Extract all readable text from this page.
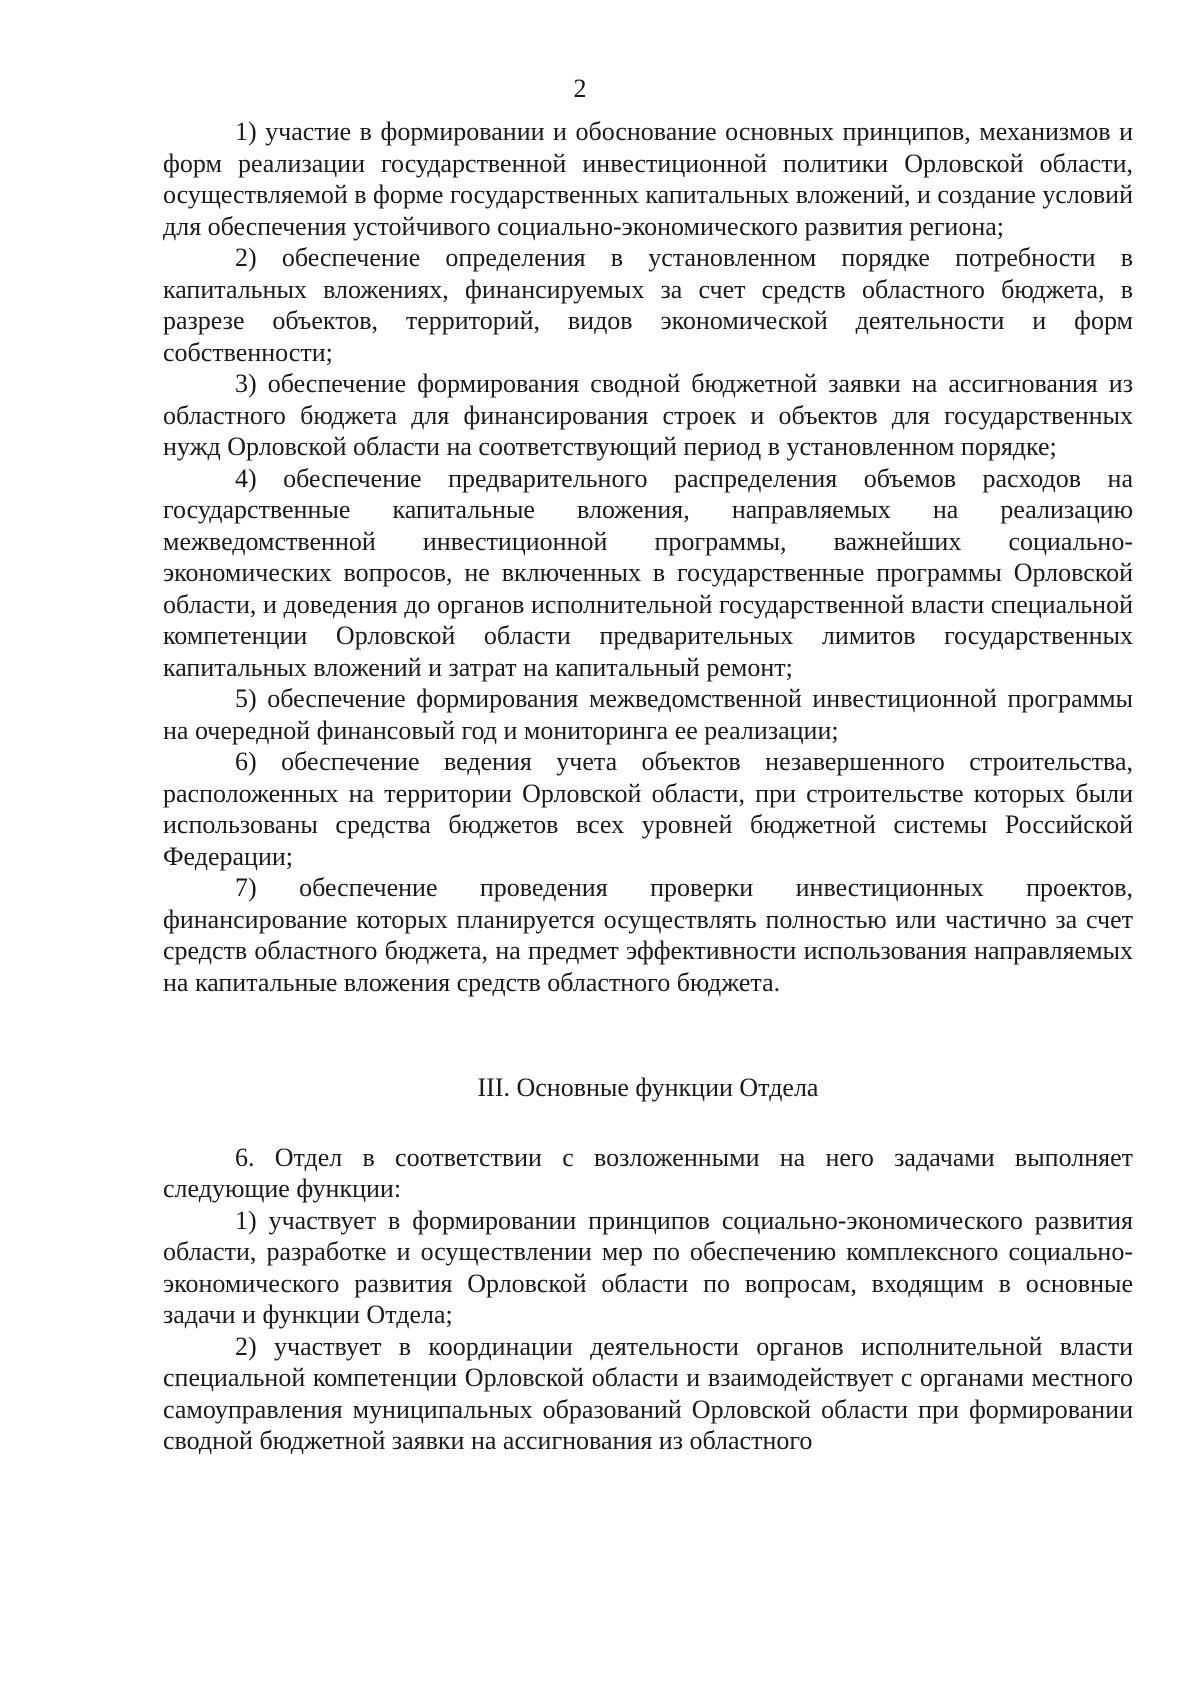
2

1) участие в формировании и обоснование основных принципов, механизмов и форм реализации государственной инвестиционной политики Орловской области, осуществляемой в форме государственных капитальных вложений, и создание условий для обеспечения устойчивого социально-экономического развития региона;

2) обеспечение определения в установленном порядке потребности в капитальных вложениях, финансируемых за счет средств областного бюджета, в разрезе объектов, территорий, видов экономической деятельности и форм собственности;

3) обеспечение формирования сводной бюджетной заявки на ассигнования из областного бюджета для финансирования строек и объектов для государственных нужд Орловской области на соответствующий период в установленном порядке;

4) обеспечение предварительного распределения объемов расходов на государственные капитальные вложения, направляемых на реализацию межведомственной инвестиционной программы, важнейших социально-экономических вопросов, не включенных в государственные программы Орловской области, и доведения до органов исполнительной государственной власти специальной компетенции Орловской области предварительных лимитов государственных капитальных вложений и затрат на капитальный ремонт;

5) обеспечение формирования межведомственной инвестиционной программы на очередной финансовый год и мониторинга ее реализации;

6) обеспечение ведения учета объектов незавершенного строительства, расположенных на территории Орловской области, при строительстве которых были использованы средства бюджетов всех уровней бюджетной системы Российской Федерации;

7) обеспечение проведения проверки инвестиционных проектов, финансирование которых планируется осуществлять полностью или частично за счет средств областного бюджета, на предмет эффективности использования направляемых на капитальные вложения средств областного бюджета.

III. Основные функции Отдела

6. Отдел в соответствии с возложенными на него задачами выполняет следующие функции:

1) участвует в формировании принципов социально-экономического развития области, разработке и осуществлении мер по обеспечению комплексного социально-экономического развития Орловской области по вопросам, входящим в основные задачи и функции Отдела;

2) участвует в координации деятельности органов исполнительной власти специальной компетенции Орловской области и взаимодействует с органами местного самоуправления муниципальных образований Орловской области при формировании сводной бюджетной заявки на ассигнования из областного
